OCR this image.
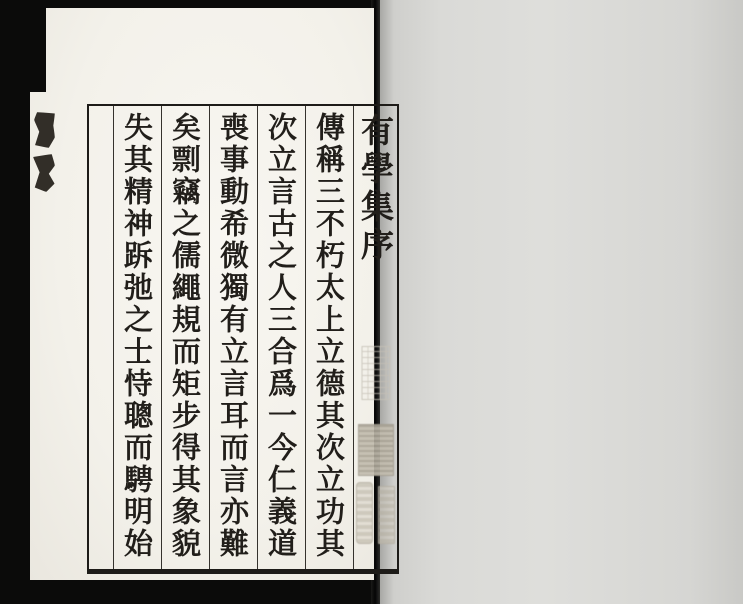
有學集序
傳稱三不朽太上立德其次立功其
次立言古之人三合爲一今仁義道
喪事動希微獨有立言耳而言亦難
矣剽竊之儒繩規而矩步得其象貌
失其精神跅弛之士恃聰而騁明始
